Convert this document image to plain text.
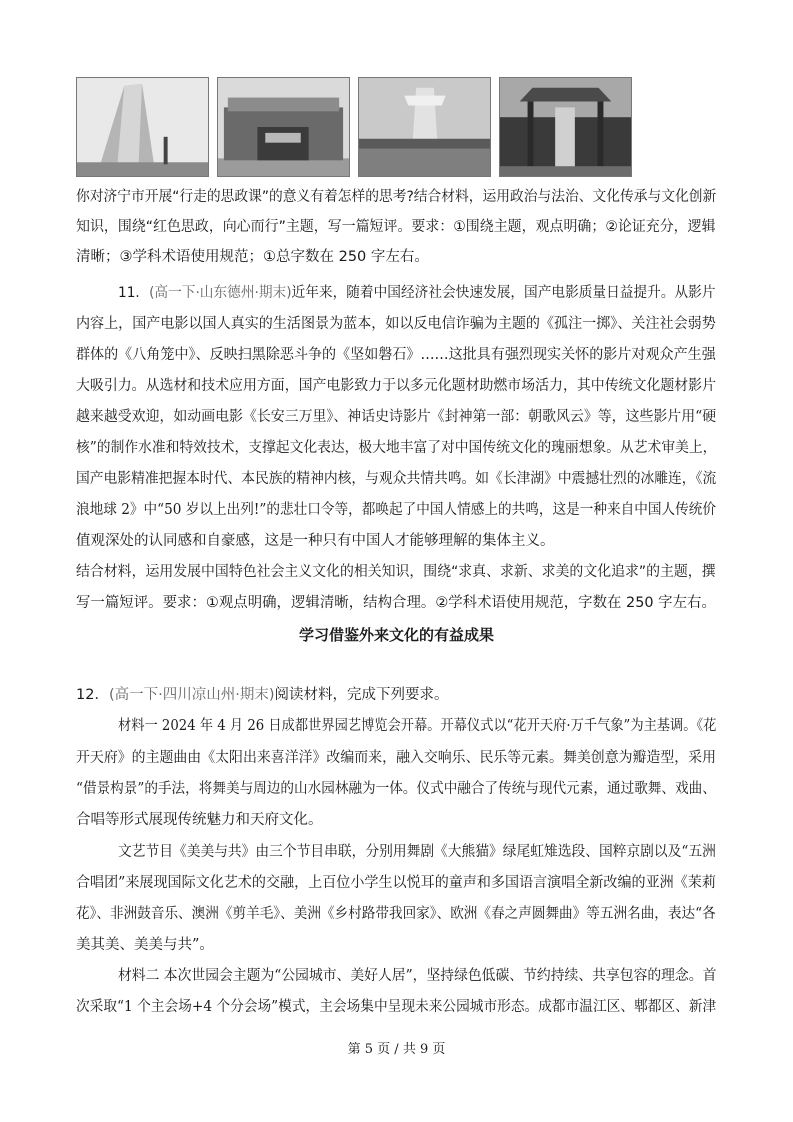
你对济宁市开展“行走的思政课”的意义有着怎样的思考?结合材料，运用政治与法治、文化传承与文化创新
知识，围绕“红色思政，向心而行”主题，写一篇短评。要求：①围绕主题，观点明确；②论证充分，逻辑
清晰；③学科术语使用规范；①总字数在 250 字左右。
11．(高一下·山东德州·期末)近年来，随着中国经济社会快速发展，国产电影质量日益提升。从影片
内容上，国产电影以国人真实的生活图景为蓝本，如以反电信诈骗为主题的《孤注一掷》、关注社会弱势
群体的《八角笼中》、反映扫黑除恶斗争的《坚如磐石》……这批具有强烈现实关怀的影片对观众产生强
大吸引力。从选材和技术应用方面，国产电影致力于以多元化题材助燃市场活力，其中传统文化题材影片
越来越受欢迎，如动画电影《长安三万里》、神话史诗影片《封神第一部：朝歌风云》等，这些影片用“硬
核”的制作水准和特效技术，支撑起文化表达，极大地丰富了对中国传统文化的瑰丽想象。从艺术审美上，
国产电影精准把握本时代、本民族的精神内核，与观众共情共鸣。如《长津湖》中震撼壮烈的冰雕连，《流
浪地球 2》中“50 岁以上出列!”的悲壮口令等，都唤起了中国人情感上的共鸣，这是一种来自中国人传统价
值观深处的认同感和自豪感，这是一种只有中国人才能够理解的集体主义。
结合材料，运用发展中国特色社会主义文化的相关知识，围绕“求真、求新、求美的文化追求”的主题，撰
写一篇短评。要求：①观点明确，逻辑清晰，结构合理。②学科术语使用规范，字数在 250 字左右。
学习借鉴外来文化的有益成果
12．(高一下·四川凉山州·期末)阅读材料，完成下列要求。
材料一 2024 年 4 月 26 日成都世界园艺博览会开幕。开幕仪式以“花开天府·万千气象”为主基调。《花
开天府》的主题曲由《太阳出来喜洋洋》改编而来，融入交响乐、民乐等元素。舞美创意为瓣造型，采用
“借景构景”的手法，将舞美与周边的山水园林融为一体。仪式中融合了传统与现代元素，通过歌舞、戏曲、
合唱等形式展现传统魅力和天府文化。
文艺节目《美美与共》由三个节目串联，分别用舞剧《大熊猫》绿尾虹雉选段、国粹京剧以及“五洲
合唱团”来展现国际文化艺术的交融，上百位小学生以悦耳的童声和多国语言演唱全新改编的亚洲《茉莉
花》、非洲鼓音乐、澳洲《剪羊毛》、美洲《乡村路带我回家》、欧洲《春之声圆舞曲》等五洲名曲，表达“各
美其美、美美与共”。
材料二 本次世园会主题为“公园城市、美好人居”，坚持绿色低碳、节约持续、共享包容的理念。首
次采取“1 个主会场+4 个分会场”模式，主会场集中呈现未来公园城市形态。成都市温江区、郫都区、新津
第 5 页 / 共 9 页
